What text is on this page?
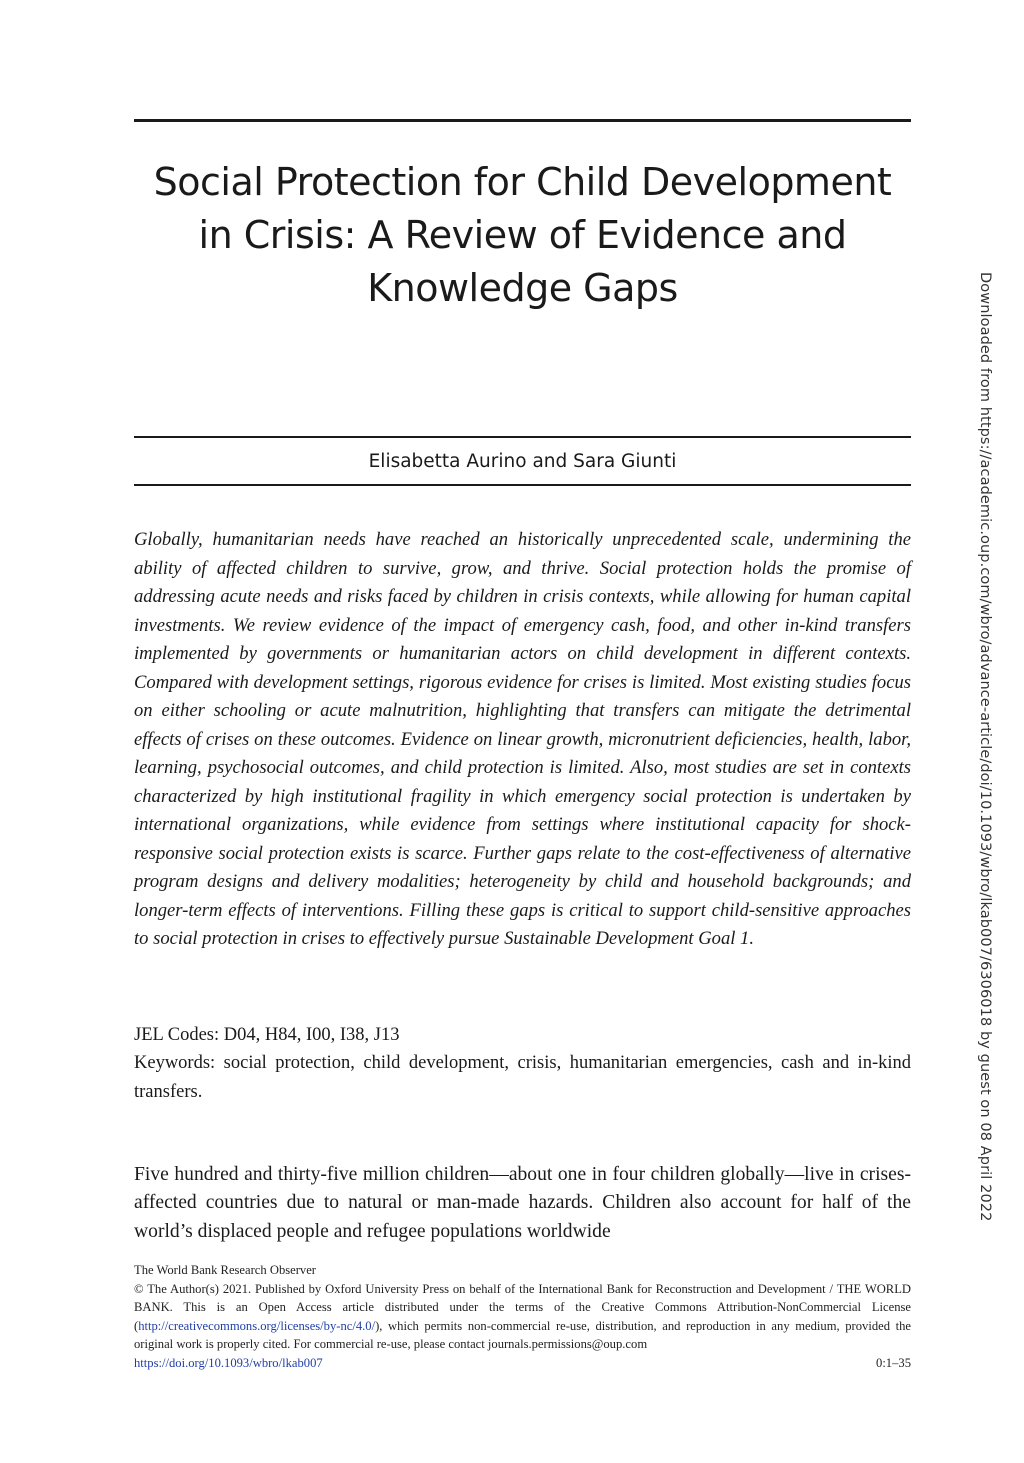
Social Protection for Child Development
in Crisis: A Review of Evidence and
Knowledge Gaps
Elisabetta Aurino and Sara Giunti

Globally, humanitarian needs have reached an historically unprecedented scale, undermining the ability of affected children to survive, grow, and thrive. Social protection holds the promise of addressing acute needs and risks faced by children in crisis contexts, while allowing for human capital investments. We review evidence of the impact of emergency cash, food, and other in-kind transfers implemented by governments or humanitarian actors on child development in different contexts. Compared with development settings, rigorous evidence for crises is limited. Most existing studies focus on either schooling or acute malnutrition, highlighting that transfers can mitigate the detrimental effects of crises on these outcomes. Evidence on linear growth, micronutrient deficiencies, health, labor, learning, psychosocial outcomes, and child protection is limited. Also, most studies are set in contexts characterized by high institutional fragility in which emergency social protection is undertaken by international organizations, while evidence from settings where institutional capacity for shock-responsive social protection exists is scarce. Further gaps relate to the cost-effectiveness of alternative program designs and delivery modalities; heterogeneity by child and household backgrounds; and longer-term effects of interventions. Filling these gaps is critical to support child-sensitive approaches to social protection in crises to effectively pursue Sustainable Development Goal 1.

JEL Codes: D04, H84, I00, I38, J13
Keywords: social protection, child development, crisis, humanitarian emergencies, cash and in-kind transfers.

Five hundred and thirty-five million children—about one in four children globally—live in crises-affected countries due to natural or man-made hazards. Children also account for half of the world’s displaced people and refugee populations worldwide

The World Bank Research Observer
© The Author(s) 2021. Published by Oxford University Press on behalf of the International Bank for Reconstruction and Development / THE WORLD BANK. This is an Open Access article distributed under the terms of the Creative Commons Attribution-NonCommercial License (http://creativecommons.org/licenses/by-nc/4.0/), which permits non-commercial re-use, distribution, and reproduction in any medium, provided the original work is properly cited. For commercial re-use, please contact journals.permissions@oup.com
https://doi.org/10.1093/wbro/lkab007	0:1–35
Downloaded from https://academic.oup.com/wbro/advance-article/doi/10.1093/wbro/lkab007/6306018 by guest on 08 April 2022
